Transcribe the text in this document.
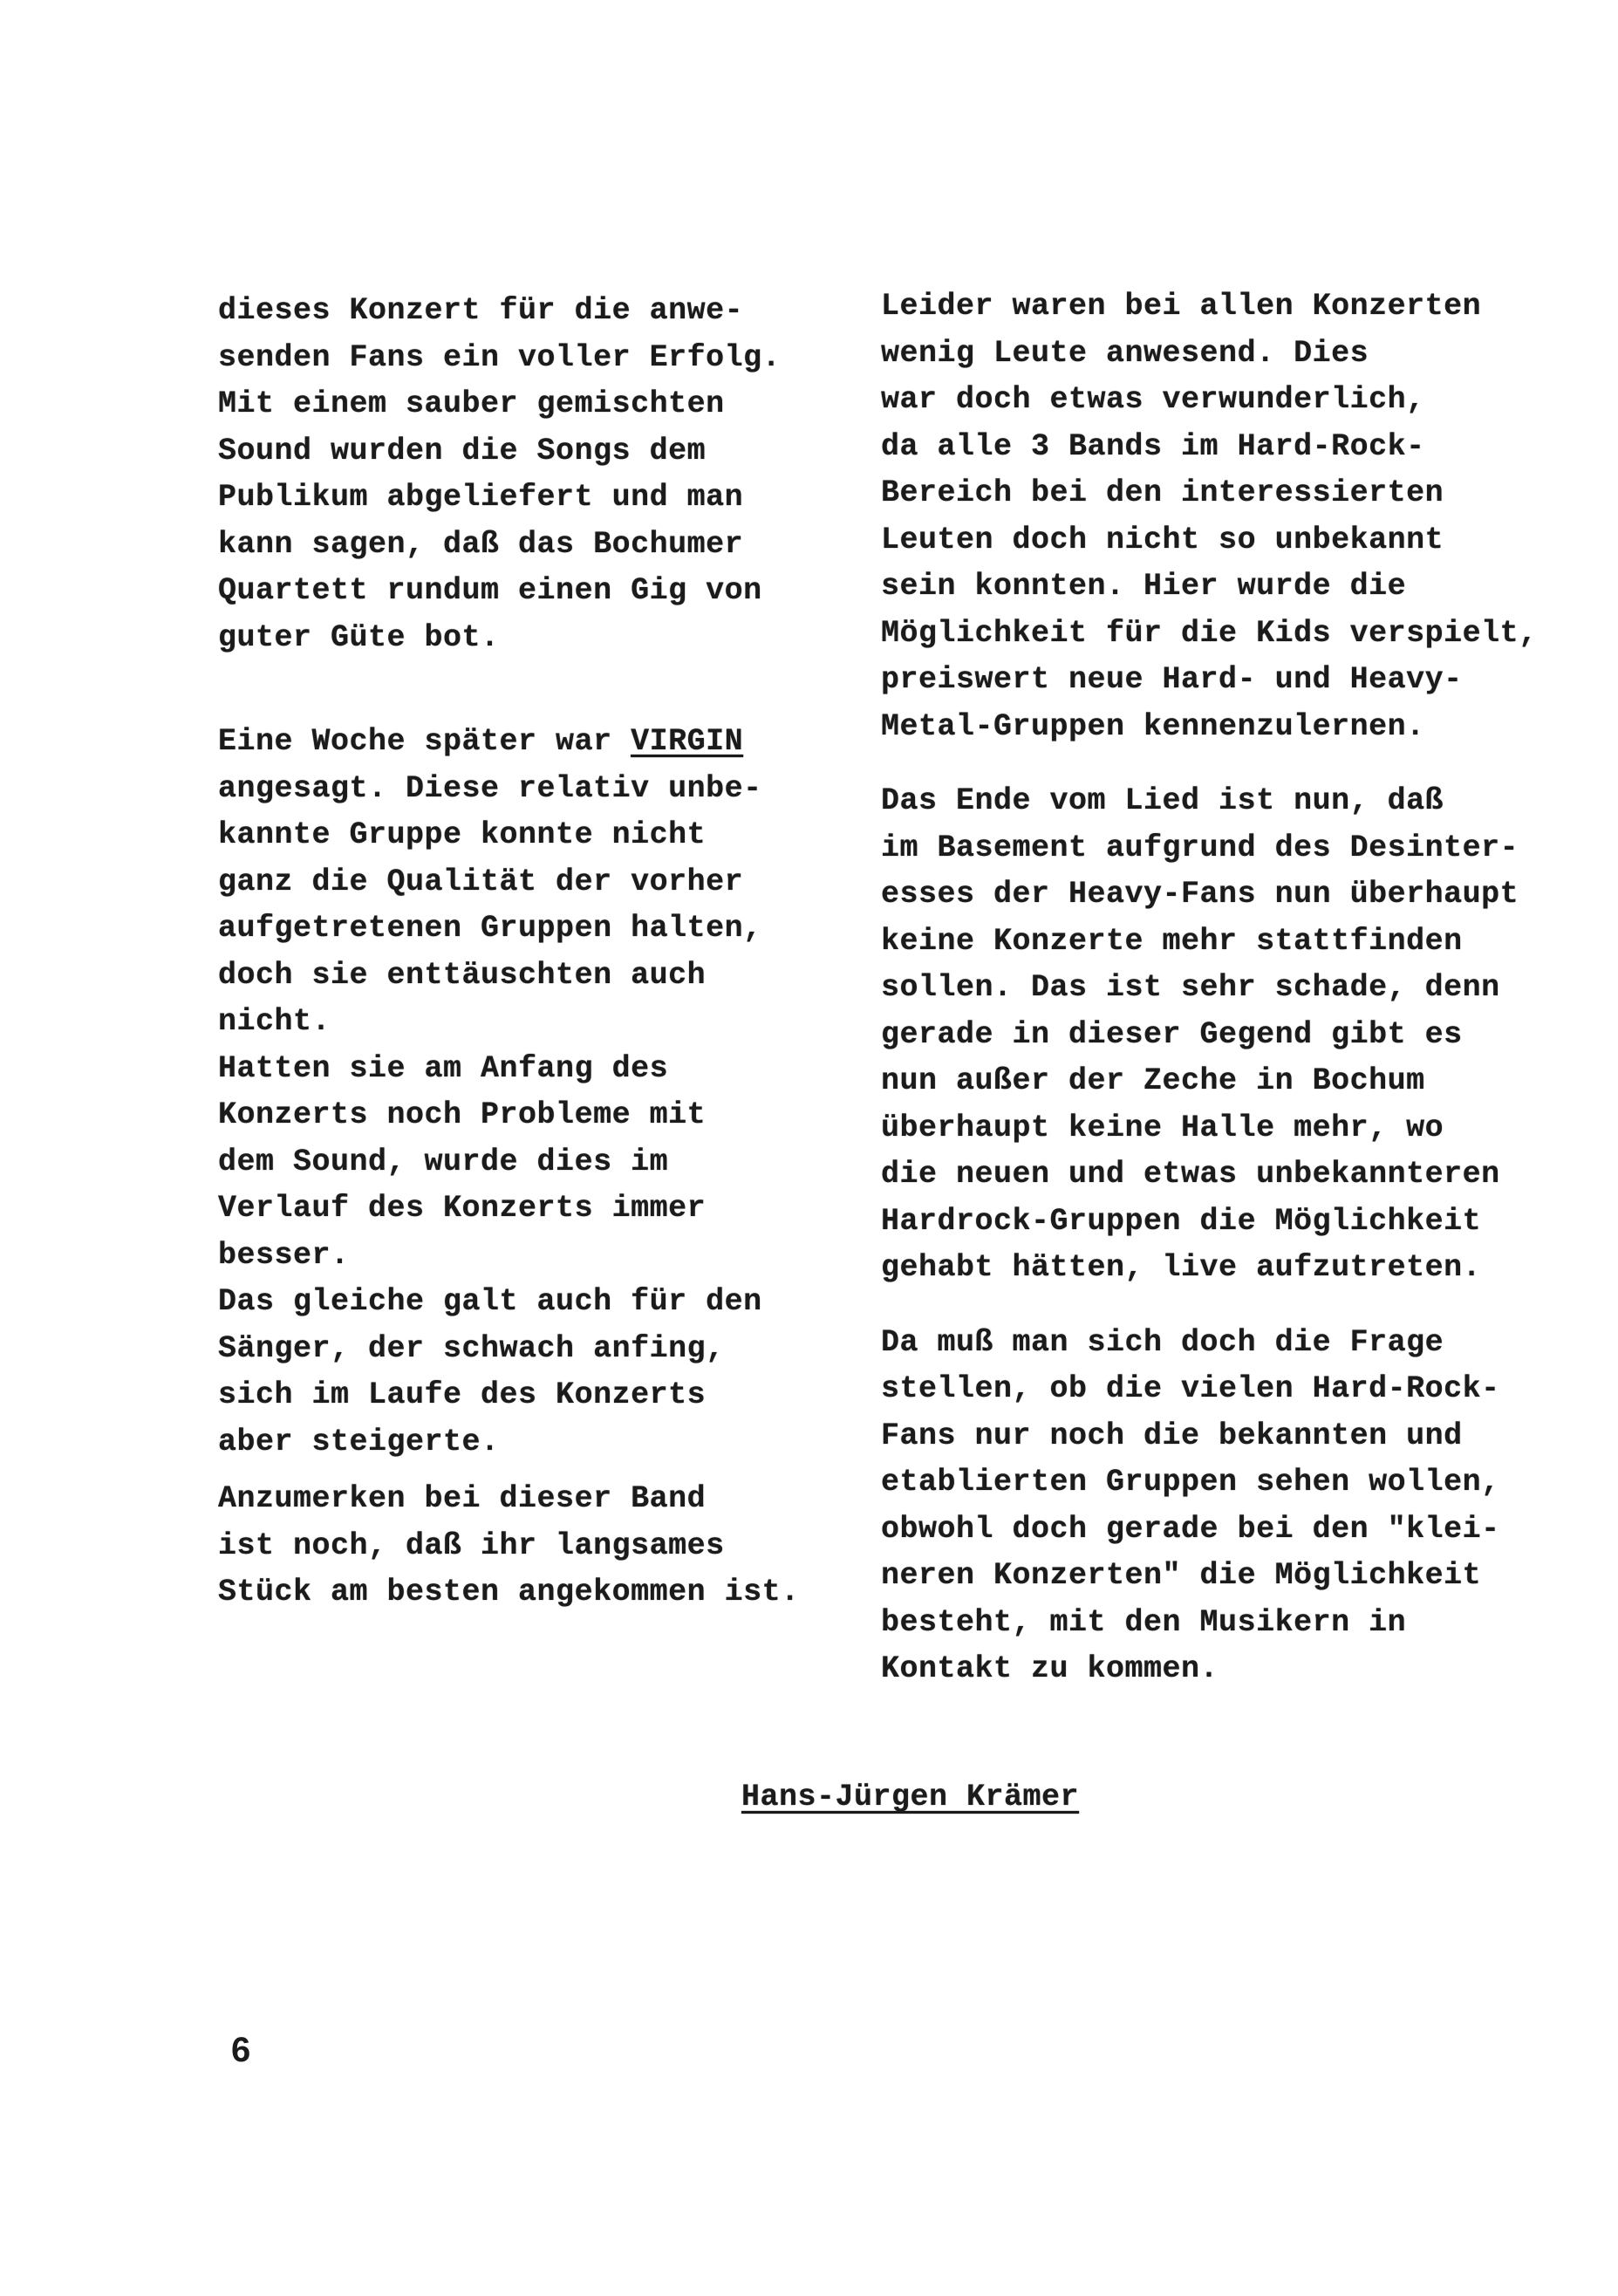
dieses Konzert für die anwe-
senden Fans ein voller Erfolg.
Mit einem sauber gemischten
Sound wurden die Songs dem
Publikum abgeliefert und man
kann sagen, daß das Bochumer
Quartett rundum einen Gig von
guter Güte bot.
Eine Woche später war VIRGIN
angesagt. Diese relativ unbe-
kannte Gruppe konnte nicht
ganz die Qualität der vorher
aufgetretenen Gruppen halten,
doch sie enttäuschten auch
nicht.
Hatten sie am Anfang des
Konzerts noch Probleme mit
dem Sound, wurde dies im
Verlauf des Konzerts immer
besser.
Das gleiche galt auch für den
Sänger, der schwach anfing,
sich im Laufe des Konzerts
aber steigerte.
Anzumerken bei dieser Band
ist noch, daß ihr langsames
Stück am besten angekommen ist.
Leider waren bei allen Konzerten
wenig Leute anwesend. Dies
war doch etwas verwunderlich,
da alle 3 Bands im Hard-Rock-
Bereich bei den interessierten
Leuten doch nicht so unbekannt
sein konnten. Hier wurde die
Möglichkeit für die Kids verspielt,
preiswert neue Hard- und Heavy-
Metal-Gruppen kennenzulernen.
Das Ende vom Lied ist nun, daß
im Basement aufgrund des Desinter-
esses der Heavy-Fans nun überhaupt
keine Konzerte mehr stattfinden
sollen. Das ist sehr schade, denn
gerade in dieser Gegend gibt es
nun außer der Zeche in Bochum
überhaupt keine Halle mehr, wo
die neuen und etwas unbekannteren
Hardrock-Gruppen die Möglichkeit
gehabt hätten, live aufzutreten.
Da muß man sich doch die Frage
stellen, ob die vielen Hard-Rock-
Fans nur noch die bekannten und
etablierten Gruppen sehen wollen,
obwohl doch gerade bei den "klei-
neren Konzerten" die Möglichkeit
besteht, mit den Musikern in
Kontakt zu kommen.
Hans-Jürgen Krämer
6
